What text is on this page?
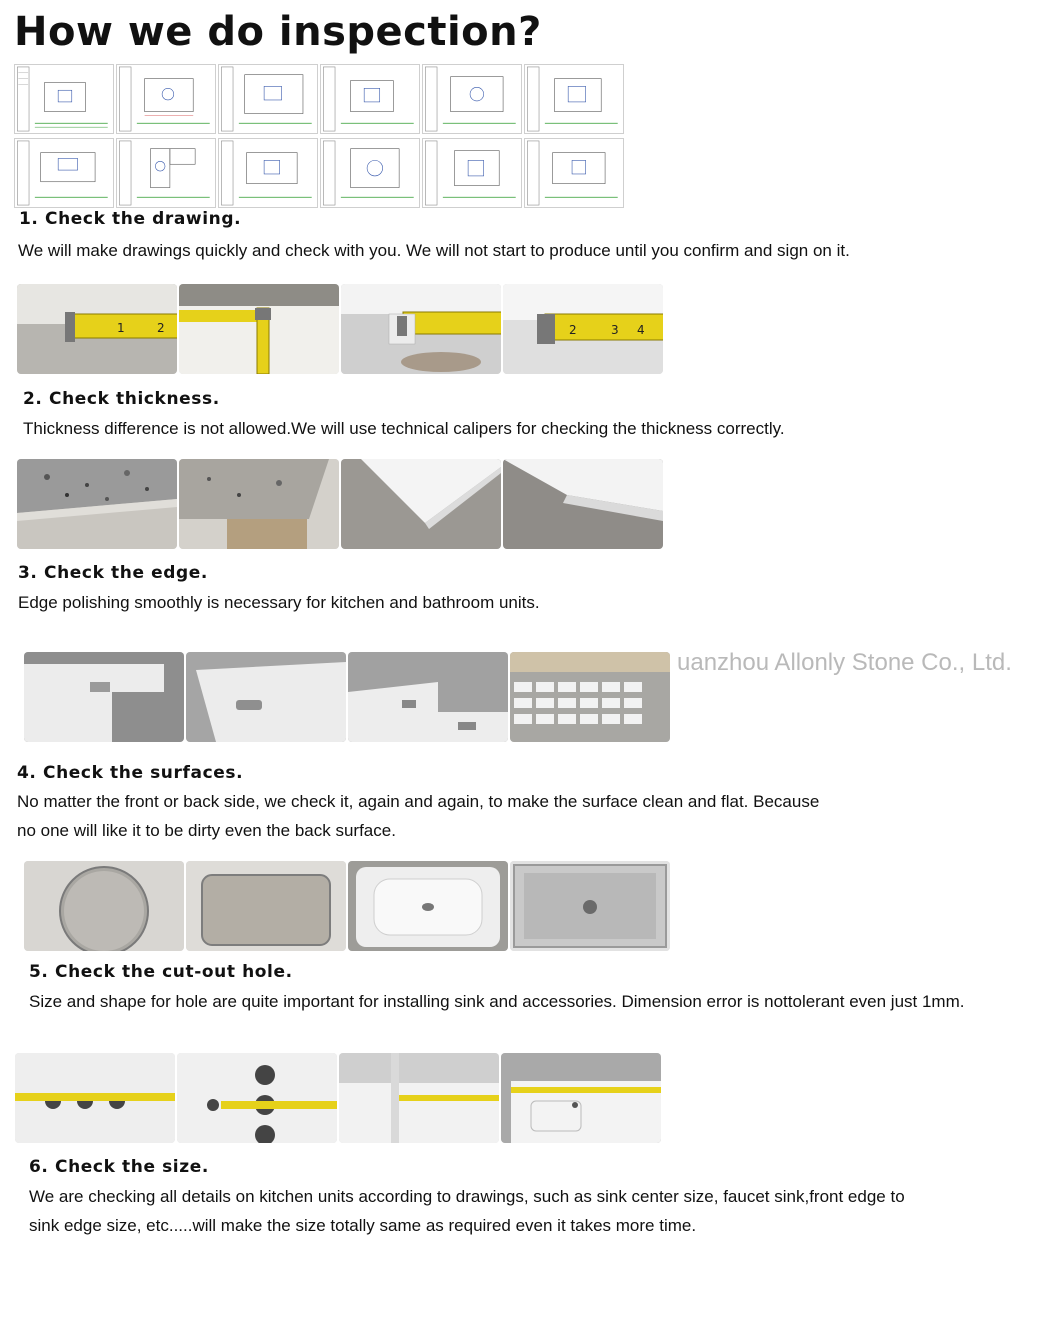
How we do inspection?
1. Check the drawing.
We will make drawings quickly and check with you. We will not start to produce until you confirm and sign on it.
1	2	2	3 4
2. Check thickness.
Thickness difference is not allowed.We will use technical calipers for checking the thickness correctly.
3. Check the edge.
Edge polishing smoothly is necessary for kitchen and bathroom units.
uanzhou Allonly Stone Co., Ltd.
4. Check the surfaces.
No matter the front or back side, we check it, again and again, to make the surface clean and flat. Because
no one will like it to be dirty even the back surface.
5. Check the cut-out hole.
Size and shape for hole are quite important for installing sink and accessories. Dimension error is nottolerant even just 1mm.
6. Check the size.
We are checking all details on kitchen units according to drawings, such as sink center size, faucet sink,front edge to
sink edge size, etc.....will make the size totally same as required even it takes more time.
